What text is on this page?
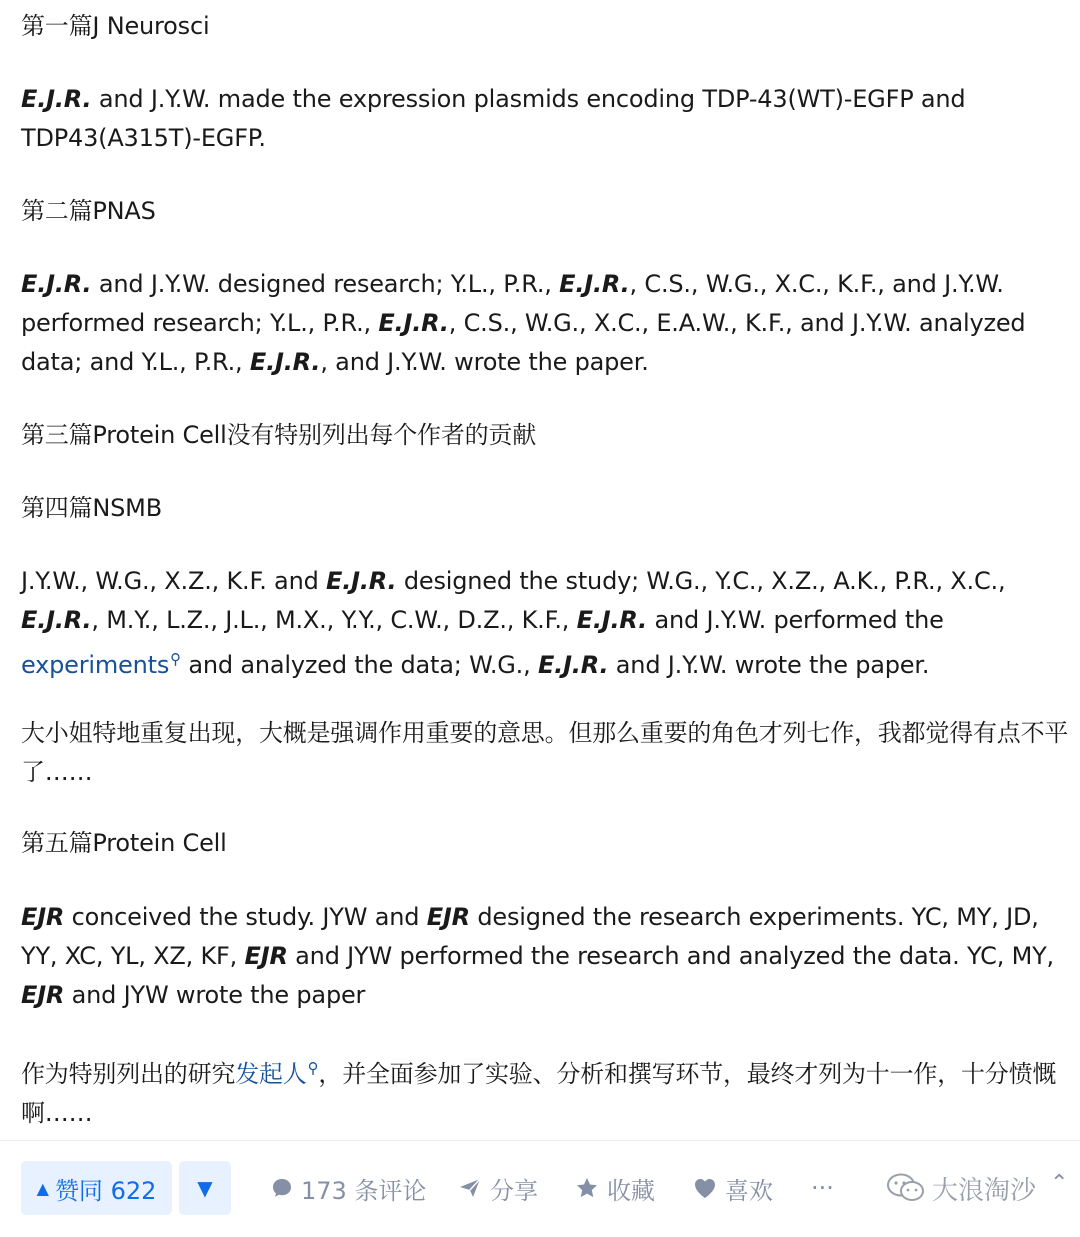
第一篇J Neurosci
E.J.R. and J.Y.W. made the expression plasmids encoding TDP-43(WT)-EGFP and TDP43(A315T)-EGFP.
第二篇PNAS
E.J.R. and J.Y.W. designed research; Y.L., P.R., E.J.R., C.S., W.G., X.C., K.F., and J.Y.W. performed research; Y.L., P.R., E.J.R., C.S., W.G., X.C., E.A.W., K.F., and J.Y.W. analyzed data; and Y.L., P.R., E.J.R., and J.Y.W. wrote the paper.
第三篇Protein Cell没有特别列出每个作者的贡献
第四篇NSMB
J.Y.W., W.G., X.Z., K.F. and E.J.R. designed the study; W.G., Y.C., X.Z., A.K., P.R., X.C., E.J.R., M.Y., L.Z., J.L., M.X., Y.Y., C.W., D.Z., K.F., E.J.R. and J.Y.W. performed the experiments⚲ and analyzed the data; W.G., E.J.R. and J.Y.W. wrote the paper.
大小姐特地重复出现，大概是强调作用重要的意思。但那么重要的角色才列七作，我都觉得有点不平了……
第五篇Protein Cell
EJR conceived the study. JYW and EJR designed the research experiments. YC, MY, JD, YY, XC, YL, XZ, KF, EJR and JYW performed the research and analyzed the data. YC, MY, EJR and JYW wrote the paper
作为特别列出的研究发起人⚲，并全面参加了实验、分析和撰写环节，最终才列为十一作，十分愤慨啊……
▲ 赞同 622 ▼	173 条评论	分享	收藏	喜欢 ···	大浪淘沙 ⌃
